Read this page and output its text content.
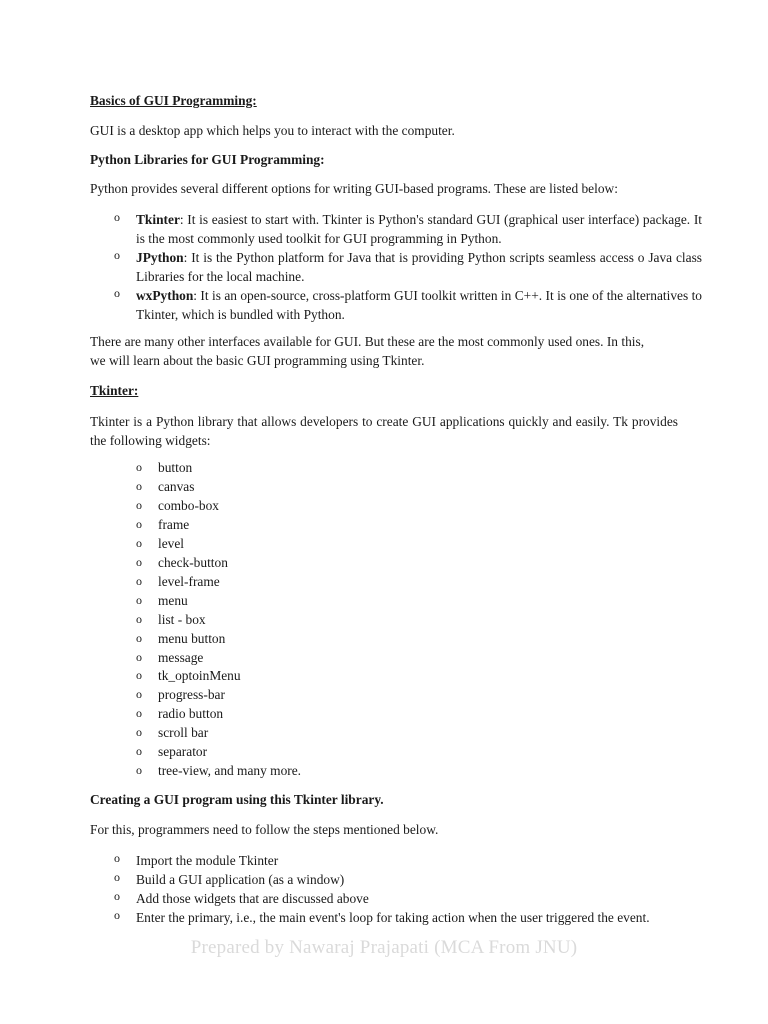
Basics of GUI Programming:
GUI is a desktop app which helps you to interact with the computer.
Python Libraries for GUI Programming:
Python provides several different options for writing GUI-based programs. These are listed below:
o Tkinter: It is easiest to start with. Tkinter is Python's standard GUI (graphical user interface) package. It is the most commonly used toolkit for GUI programming in Python.
o JPython: It is the Python platform for Java that is providing Python scripts seamless access o Java class Libraries for the local machine.
o wxPython: It is an open-source, cross-platform GUI toolkit written in C++. It is one of the alternatives to Tkinter, which is bundled with Python.
There are many other interfaces available for GUI. But these are the most commonly used ones. In this,
we will learn about the basic GUI programming using Tkinter.
Tkinter:
Tkinter is a Python library that allows developers to create GUI applications quickly and easily. Tk provides the following widgets:
o button
o canvas
o combo-box
o frame
o level
o check-button
o level-frame
o menu
o list - box
o menu button
o message
o tk_optoinMenu
o progress-bar
o radio button
o scroll bar
o separator
o tree-view, and many more.
Creating a GUI program using this Tkinter library.
For this, programmers need to follow the steps mentioned below.
o Import the module Tkinter
o Build a GUI application (as a window)
o Add those widgets that are discussed above
o Enter the primary, i.e., the main event's loop for taking action when the user triggered the event.
Prepared by Nawaraj Prajapati (MCA From JNU)
